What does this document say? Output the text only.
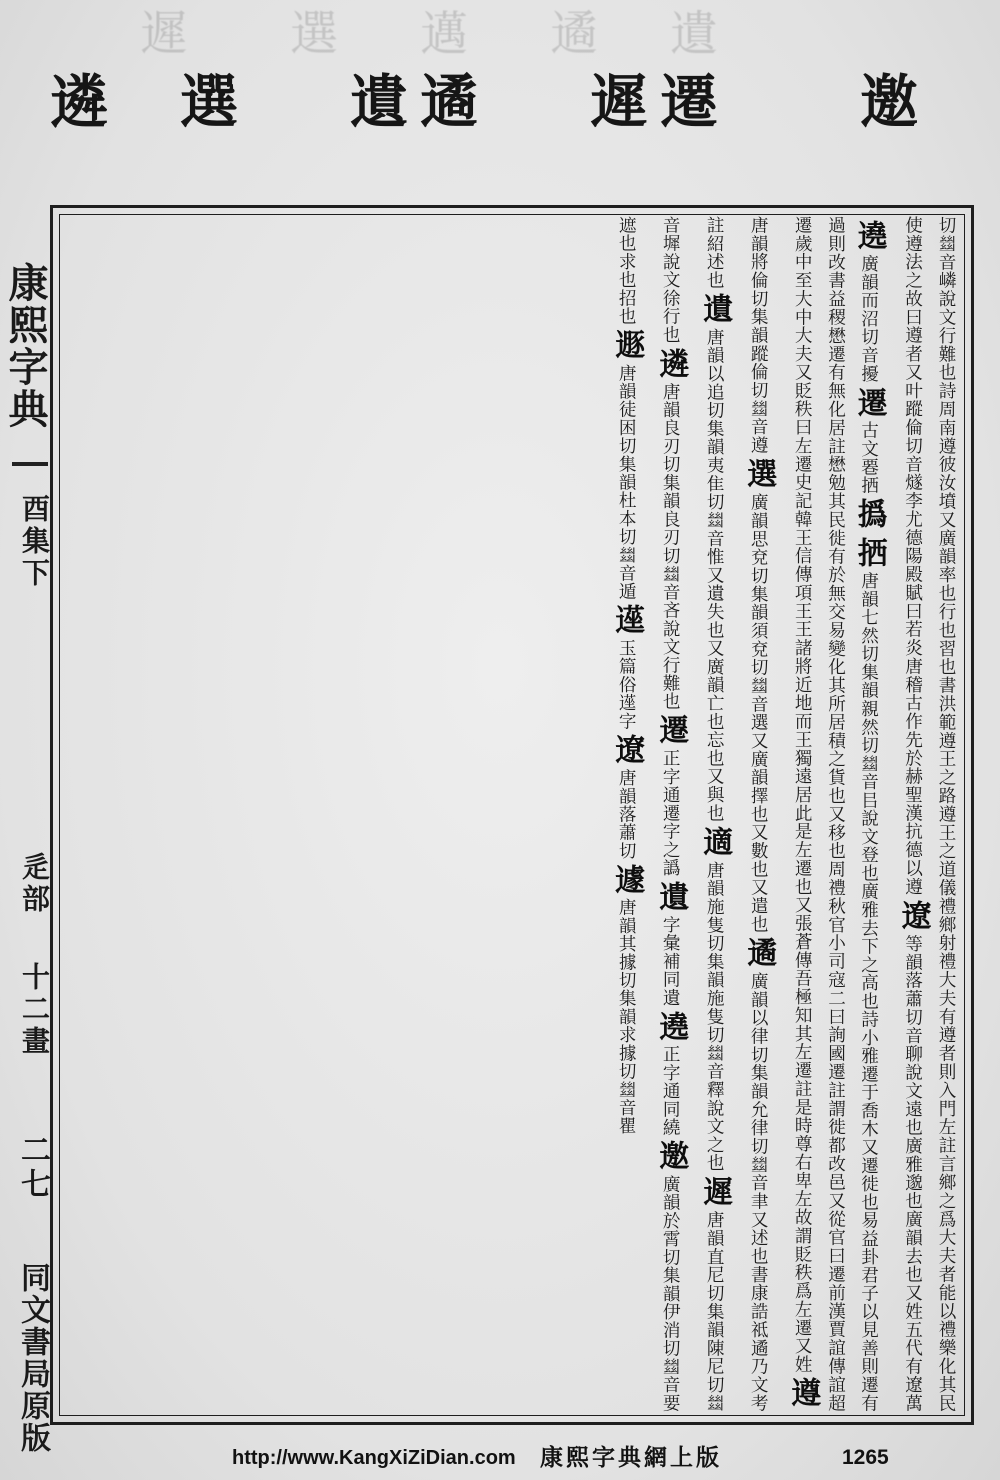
遲 選 邁 遹 遺
遴 選 遺 遹 遲 遷	邀
康熙字典
酉集下
辵部
十二畫
二七
同文書局原版	切𢇍音嶙說文行難也詩周南遵彼汝墳又廣韻率也行也習也書洪範遵王之路遵王之道儀禮鄉射禮大夫有遵者則入門左註言鄉之爲大夫者能以禮樂化其民使遵法之故曰遵者又叶蹤倫切音燧李尤德陽殿賦曰若炎唐稽古作先於赫聖漢抗德以遵

遼

等韻落蕭切音聊說文遠也廣雅邈也廣韻去也又姓五代有遼萬

遶

廣韻而沼切音擾

遷

古文䙴拪

撝拪

唐韻七然切集韻親然切𢇍音㠯說文登也廣雅去下之高也詩小雅遷于喬木又遷徙也易益卦君子以見善則遷有過則改書益稷懋遷有無化居註懋勉其民徙有於無交易變化其所居積之貨也又移也周禮秋官小司寇二曰詢國遷註謂徙都改邑又從官曰遷前漢賈誼傳誼超遷歲中至大中大夫又貶秩曰左遷史記韓王信傳項王王諸將近地而王獨遠居此是左遷也又張蒼傳吾極知其左遷註是時尊右卑左故謂貶秩爲左遷又姓

遵

唐韻將倫切集韻蹤倫切𢇍音遵

選

廣韻思兗切集韻須兗切𢇍音選又廣韻擇也又數也又遣也

遹

廣韻以律切集韻允律切𢇍音聿又述也書康誥祗遹乃文考註紹述也

遺

唐韻以追切集韻夷隹切𢇍音惟又遺失也又廣韻亡也忘也又與也

適

唐韻施隻切集韻施隻切𢇍音釋說文之也

遲

唐韻直尼切集韻陳尼切𢇍音墀說文徐行也

遴

唐韻良刃切集韻良刃切𢇍音吝說文行難也

遷

正字通遷字之譌

遺

字彙補同遺

遶

正字通同繞

邀

廣韻於霄切集韻伊消切𢇍音要遮也求也招也

遯

唐韻徒困切集韻杜本切𢇍音遁

遳

玉篇俗遳字

遼

唐韻落蕭切

遽

唐韻其據切集韻求據切𢇍音瞿

http://www.KangXiZiDian.com 康熙字典網上版	1265
